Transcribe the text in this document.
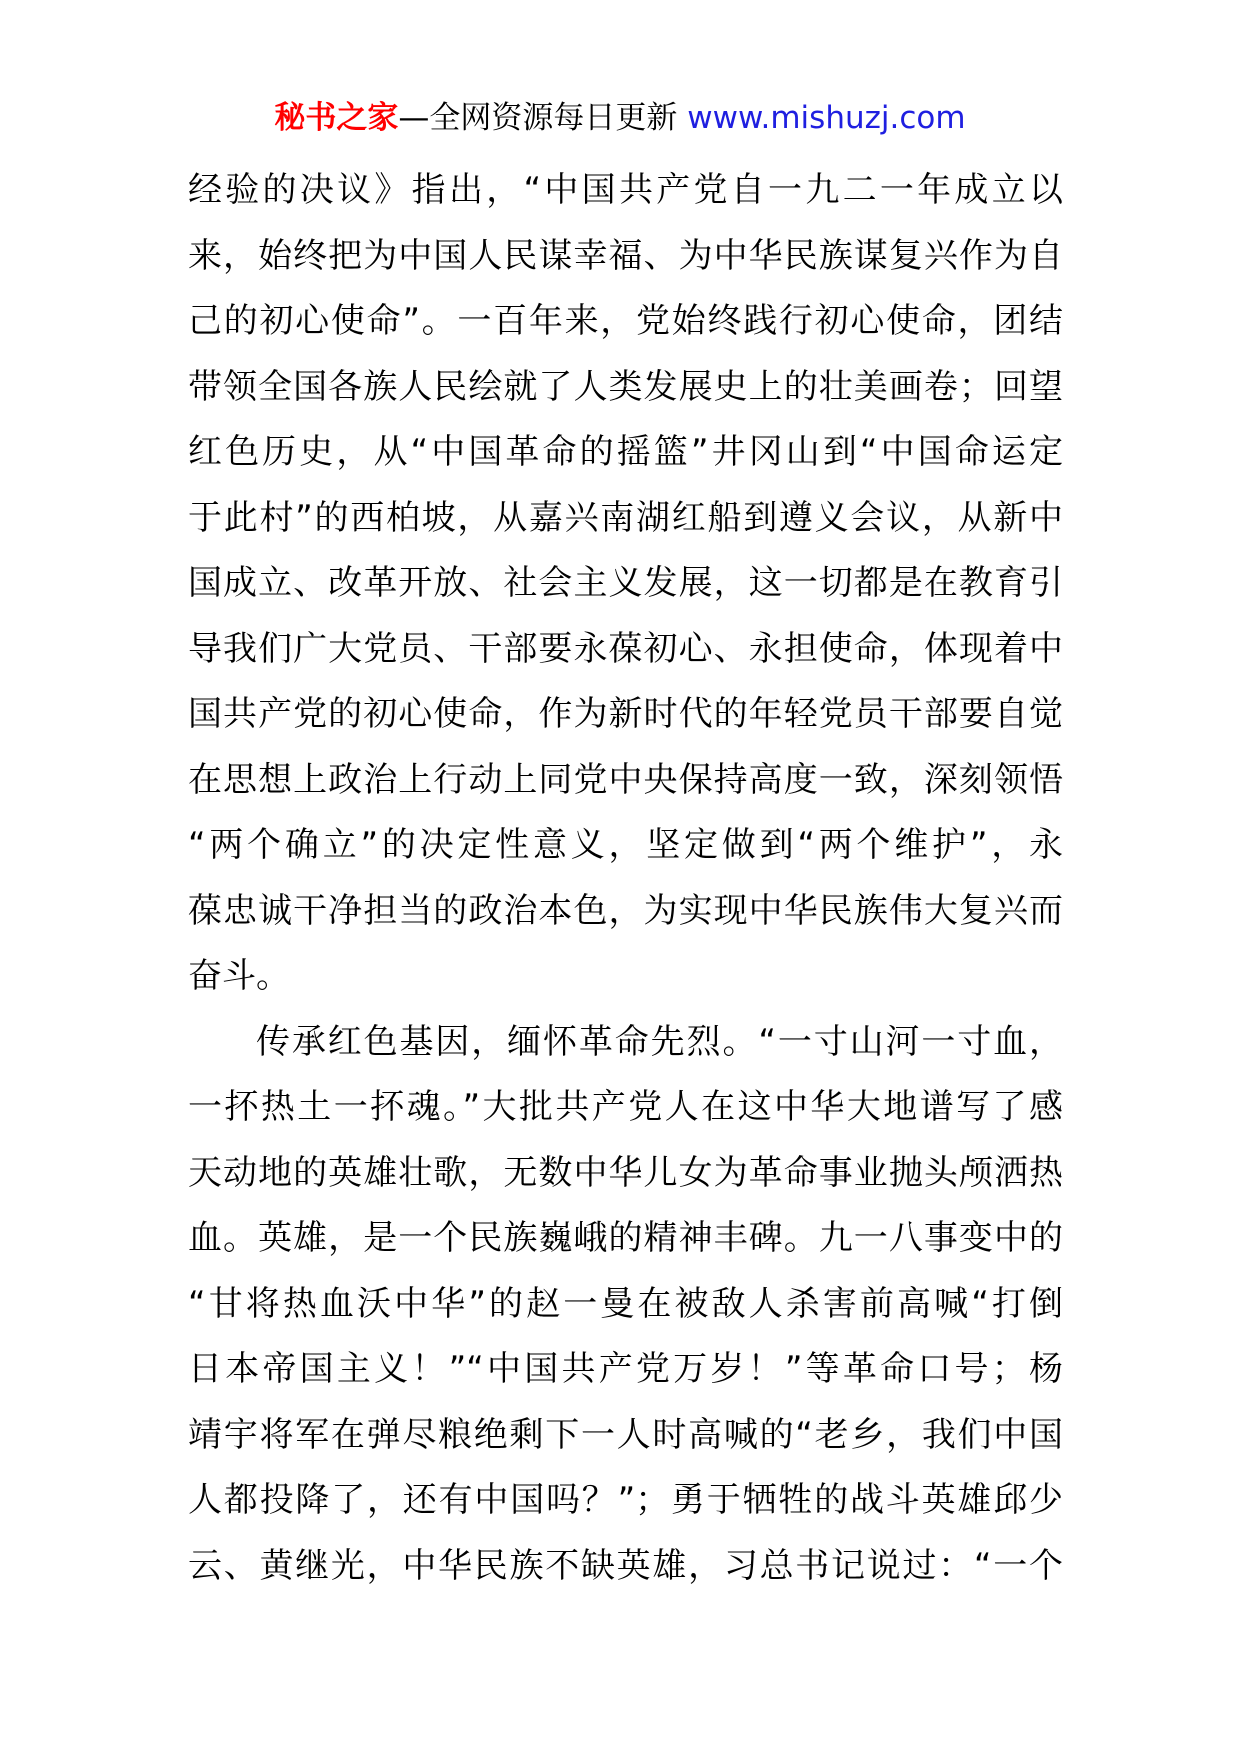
秘书之家—全网资源每日更新 www.mishuzj.com
经验的决议》指出，“中国共产党自一九二一年成立以
来，始终把为中国人民谋幸福、为中华民族谋复兴作为自
己的初心使命”。一百年来，党始终践行初心使命，团结
带领全国各族人民绘就了人类发展史上的壮美画卷；回望
红色历史，从“中国革命的摇篮”井冈山到“中国命运定
于此村”的西柏坡，从嘉兴南湖红船到遵义会议，从新中
国成立、改革开放、社会主义发展，这一切都是在教育引
导我们广大党员、干部要永葆初心、永担使命，体现着中
国共产党的初心使命，作为新时代的年轻党员干部要自觉
在思想上政治上行动上同党中央保持高度一致，深刻领悟
“两个确立”的决定性意义，坚定做到“两个维护”，永
葆忠诚干净担当的政治本色，为实现中华民族伟大复兴而
奋斗。
传承红色基因，缅怀革命先烈。“一寸山河一寸血，
一抔热土一抔魂。”大批共产党人在这中华大地谱写了感
天动地的英雄壮歌，无数中华儿女为革命事业抛头颅洒热
血。英雄，是一个民族巍峨的精神丰碑。九一八事变中的
“甘将热血沃中华”的赵一曼在被敌人杀害前高喊“打倒
日本帝国主义！”“中国共产党万岁！”等革命口号；杨
靖宇将军在弹尽粮绝剩下一人时高喊的“老乡，我们中国
人都投降了，还有中国吗？”；勇于牺牲的战斗英雄邱少
云、黄继光，中华民族不缺英雄，习总书记说过：“一个
